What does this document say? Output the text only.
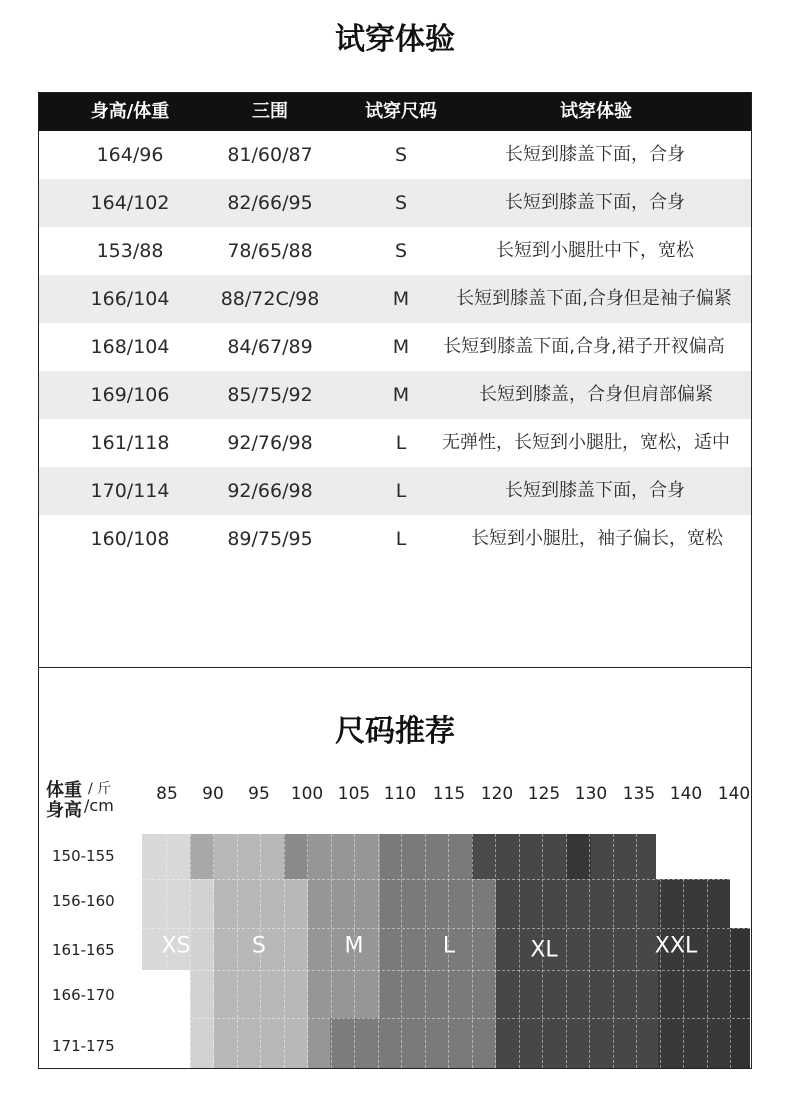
试穿体验
身高/体重	三围	试穿尺码	试穿体验
164/96	81/60/87	S	长短到膝盖下面，合身
164/102	82/66/95	S	长短到膝盖下面，合身
153/88	78/65/88	S	长短到小腿肚中下，宽松
166/104	88/72C/98	M	长短到膝盖下面,合身但是袖子偏紧
168/104	84/67/89	M 长短到膝盖下面,合身,裙子开衩偏高
169/106	85/75/92	M	长短到膝盖，合身但肩部偏紧
161/118	92/76/98	L 无弹性，长短到小腿肚，宽松，适中
170/114	92/66/98	L	长短到膝盖下面，合身
160/108	89/75/95	L	长短到小腿肚，袖子偏长，宽松
尺码推荐
体重 / 斤
身高 /cm
85 90 95 100 105 110 115 120 125 130 135 140 140
150-155
156-160
161-165
166-170
171-175
XS	S	M	L	XL	XXL
